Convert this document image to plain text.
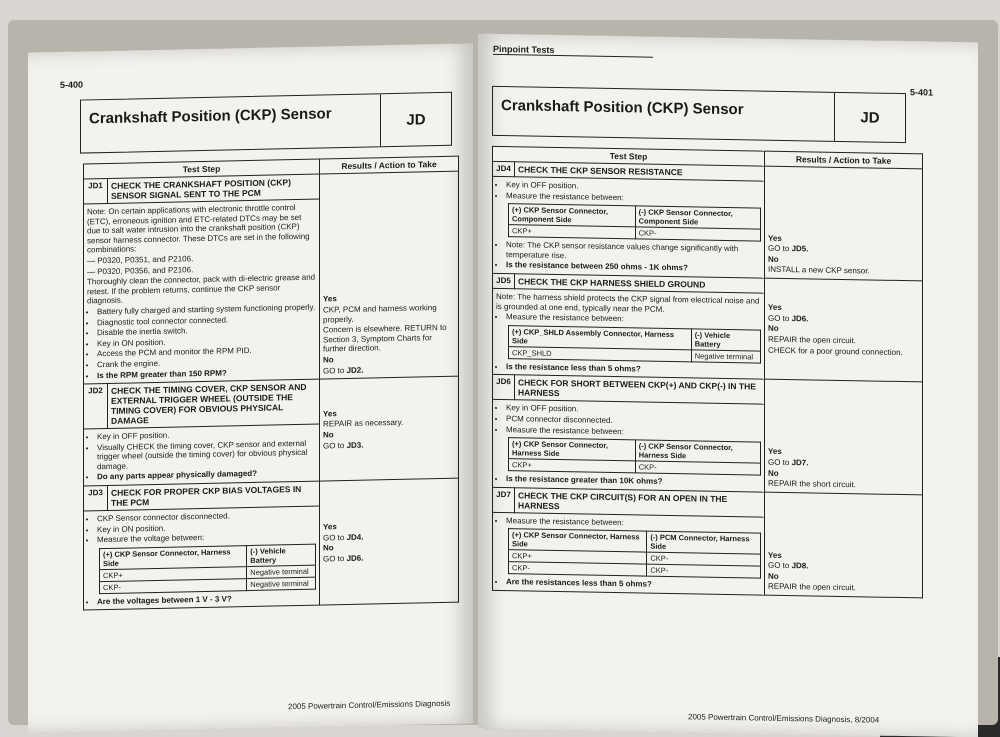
5-400
Crankshaft Position (CKP) Sensor	JD
Test Step	Results / Action to Take
JD1	CHECK THE CRANKSHAFT POSITION (CKP) SENSOR SIGNAL SENT TO THE PCM	

Yes

CKP, PCM and harness working properly.

Concern is elsewhere. RETURN to Section 3, Symptom Charts for further direction.

No

GO to JD2.

Note: On certain applications with electronic throttle control (ETC), erroneous ignition and ETC-related DTCs may be set due to salt water intrusion into the crankshaft position (CKP) sensor harness connector. These DTCs are set in the following combinations:

— P0320, P0351, and P2106.

— P0320, P0356, and P2106.

Thoroughly clean the connector, pack with di-electric grease and retest. If the problem returns, continue the CKP sensor diagnosis.

• Battery fully charged and starting system functioning properly.
• Diagnostic tool connector connected.
• Disable the inertia switch.
• Key in ON position.
• Access the PCM and monitor the RPM PID.
• Crank the engine.
• Is the RPM greater than 150 RPM?

JD2	CHECK THE TIMING COVER, CKP SENSOR AND EXTERNAL TRIGGER WHEEL (OUTSIDE THE TIMING COVER) FOR OBVIOUS PHYSICAL DAMAGE	

Yes

REPAIR as necessary.

No

GO to JD3.

• Key in OFF position.
• Visually CHECK the timing cover, CKP sensor and external trigger wheel (outside the timing cover) for obvious physical damage.
• Do any parts appear physically damaged?

JD3	CHECK FOR PROPER CKP BIAS VOLTAGES IN THE PCM	

Yes

GO to JD4.

No

GO to JD6.

• CKP Sensor connector disconnected.
• Key in ON position.
• Measure the voltage between:
(+) CKP Sensor Connector, Harness Side	(-) Vehicle Battery
CKP+	Negative terminal
CKP-	Negative terminal
• Are the voltages between 1 V - 3 V?
2005 Powertrain Control/Emissions Diagnosis
Pinpoint Tests
5-401
Crankshaft Position (CKP) Sensor	JD
Test Step	Results / Action to Take
JD4	CHECK THE CKP SENSOR RESISTANCE	

Yes

GO to JD5.

No

INSTALL a new CKP sensor.

• Key in OFF position.
• Measure the resistance between:
(+) CKP Sensor Connector, Component Side	(-) CKP Sensor Connector, Component Side
CKP+	CKP-
• Note: The CKP sensor resistance values change significantly with temperature rise.
• Is the resistance between 250 ohms - 1K ohms?

JD5	CHECK THE CKP HARNESS SHIELD GROUND	

Yes

GO to JD6.

No

REPAIR the open circuit.

CHECK for a poor ground connection.

Note: The harness shield protects the CKP signal from electrical noise and is grounded at one end, typically near the PCM.

• Measure the resistance between:
(+) CKP_SHLD Assembly Connector, Harness Side	(-) Vehicle Battery
CKP_SHLD	Negative terminal
• Is the resistance less than 5 ohms?

JD6	CHECK FOR SHORT BETWEEN CKP(+) AND CKP(-) IN THE HARNESS	

Yes

GO to JD7.

No

REPAIR the short circuit.

• Key in OFF position.
• PCM connector disconnected.
• Measure the resistance between:
(+) CKP Sensor Connector, Harness Side	(-) CKP Sensor Connector, Harness Side
CKP+	CKP-
• Is the resistance greater than 10K ohms?

JD7	CHECK THE CKP CIRCUIT(S) FOR AN OPEN IN THE HARNESS	

Yes

GO to JD8.

No

REPAIR the open circuit.

• Measure the resistance between:
(+) CKP Sensor Connector, Harness Side	(-) PCM Connector, Harness Side
CKP+	CKP-
CKP-	CKP-
• Are the resistances less than 5 ohms?
2005 Powertrain Control/Emissions Diagnosis, 8/2004
